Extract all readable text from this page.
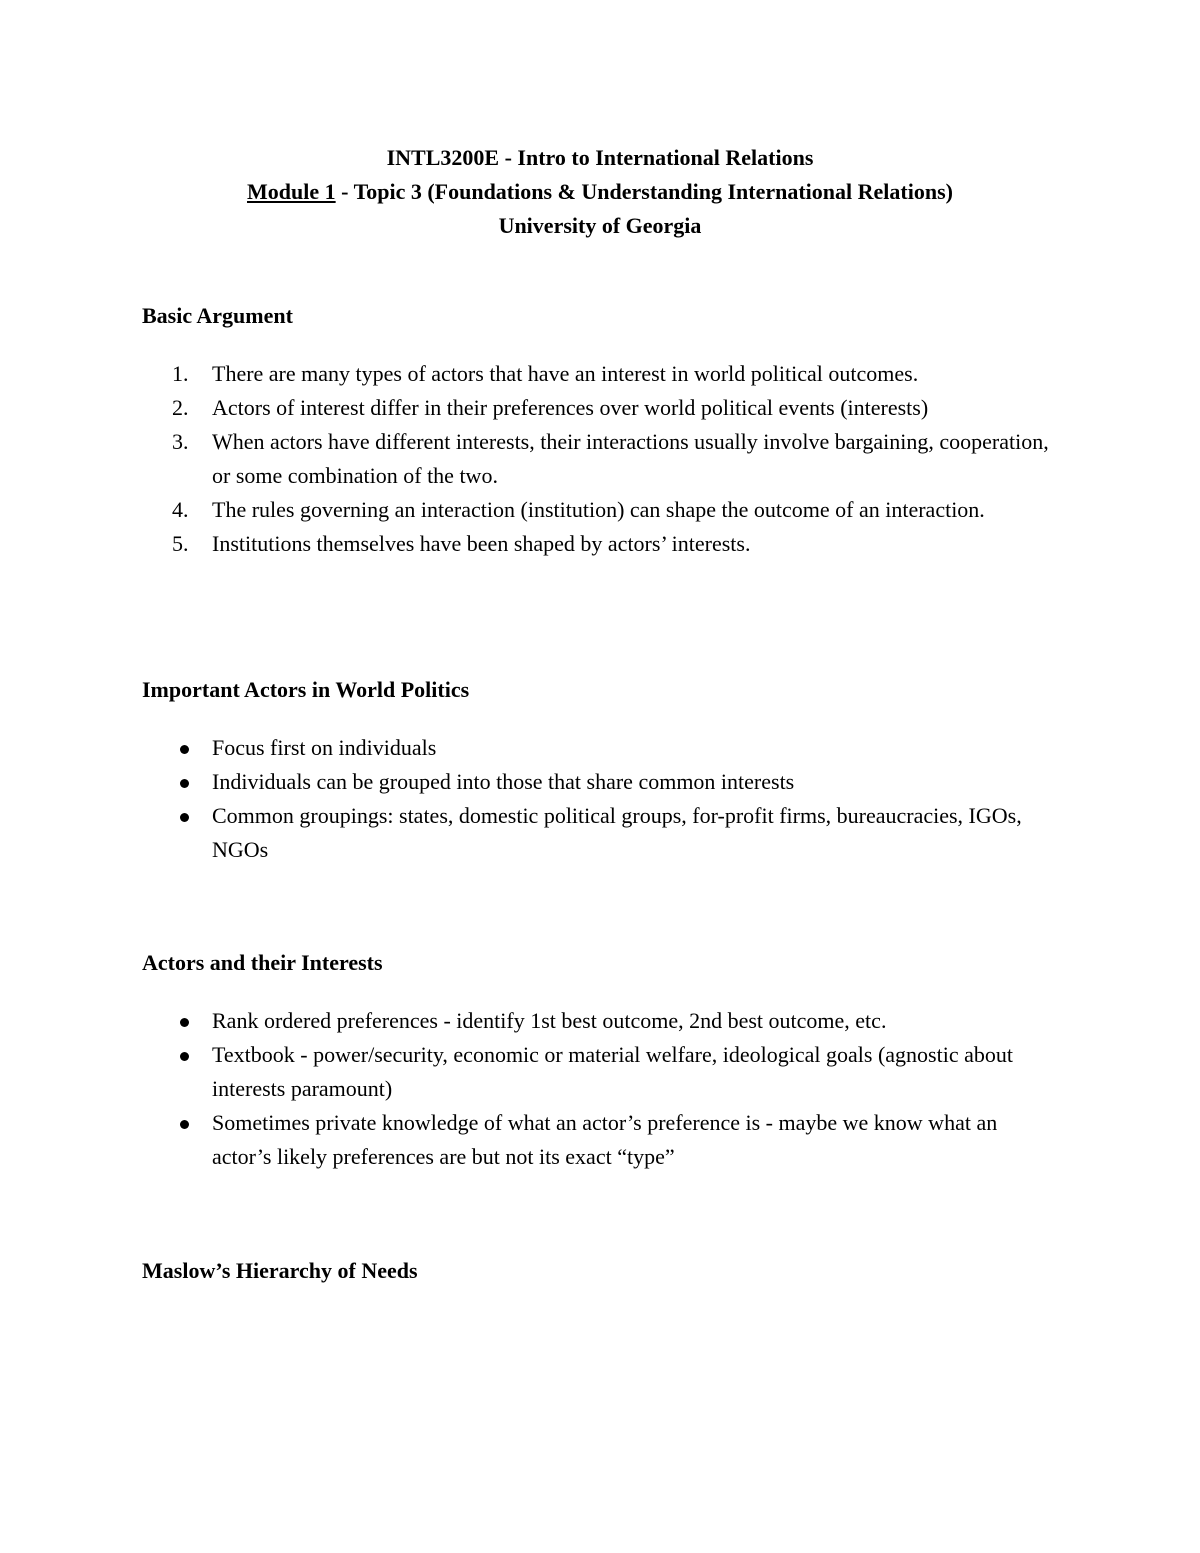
INTL3200E - Intro to International Relations
Module 1 - Topic 3 (Foundations & Understanding International Relations)
University of Georgia
Basic Argument
1.	There are many types of actors that have an interest in world political outcomes.
2.	Actors of interest differ in their preferences over world political events (interests)
3.	When actors have different interests, their interactions usually involve bargaining, cooperation, or some combination of the two.
4.	The rules governing an interaction (institution) can shape the outcome of an interaction.
5.	Institutions themselves have been shaped by actors’ interests.
Important Actors in World Politics
Focus first on individuals
Individuals can be grouped into those that share common interests
Common groupings: states, domestic political groups, for-profit firms, bureaucracies, IGOs, NGOs
Actors and their Interests
Rank ordered preferences - identify 1st best outcome, 2nd best outcome, etc.
Textbook - power/security, economic or material welfare, ideological goals (agnostic about interests paramount)
Sometimes private knowledge of what an actor’s preference is - maybe we know what an actor’s likely preferences are but not its exact “type”
Maslow’s Hierarchy of Needs
